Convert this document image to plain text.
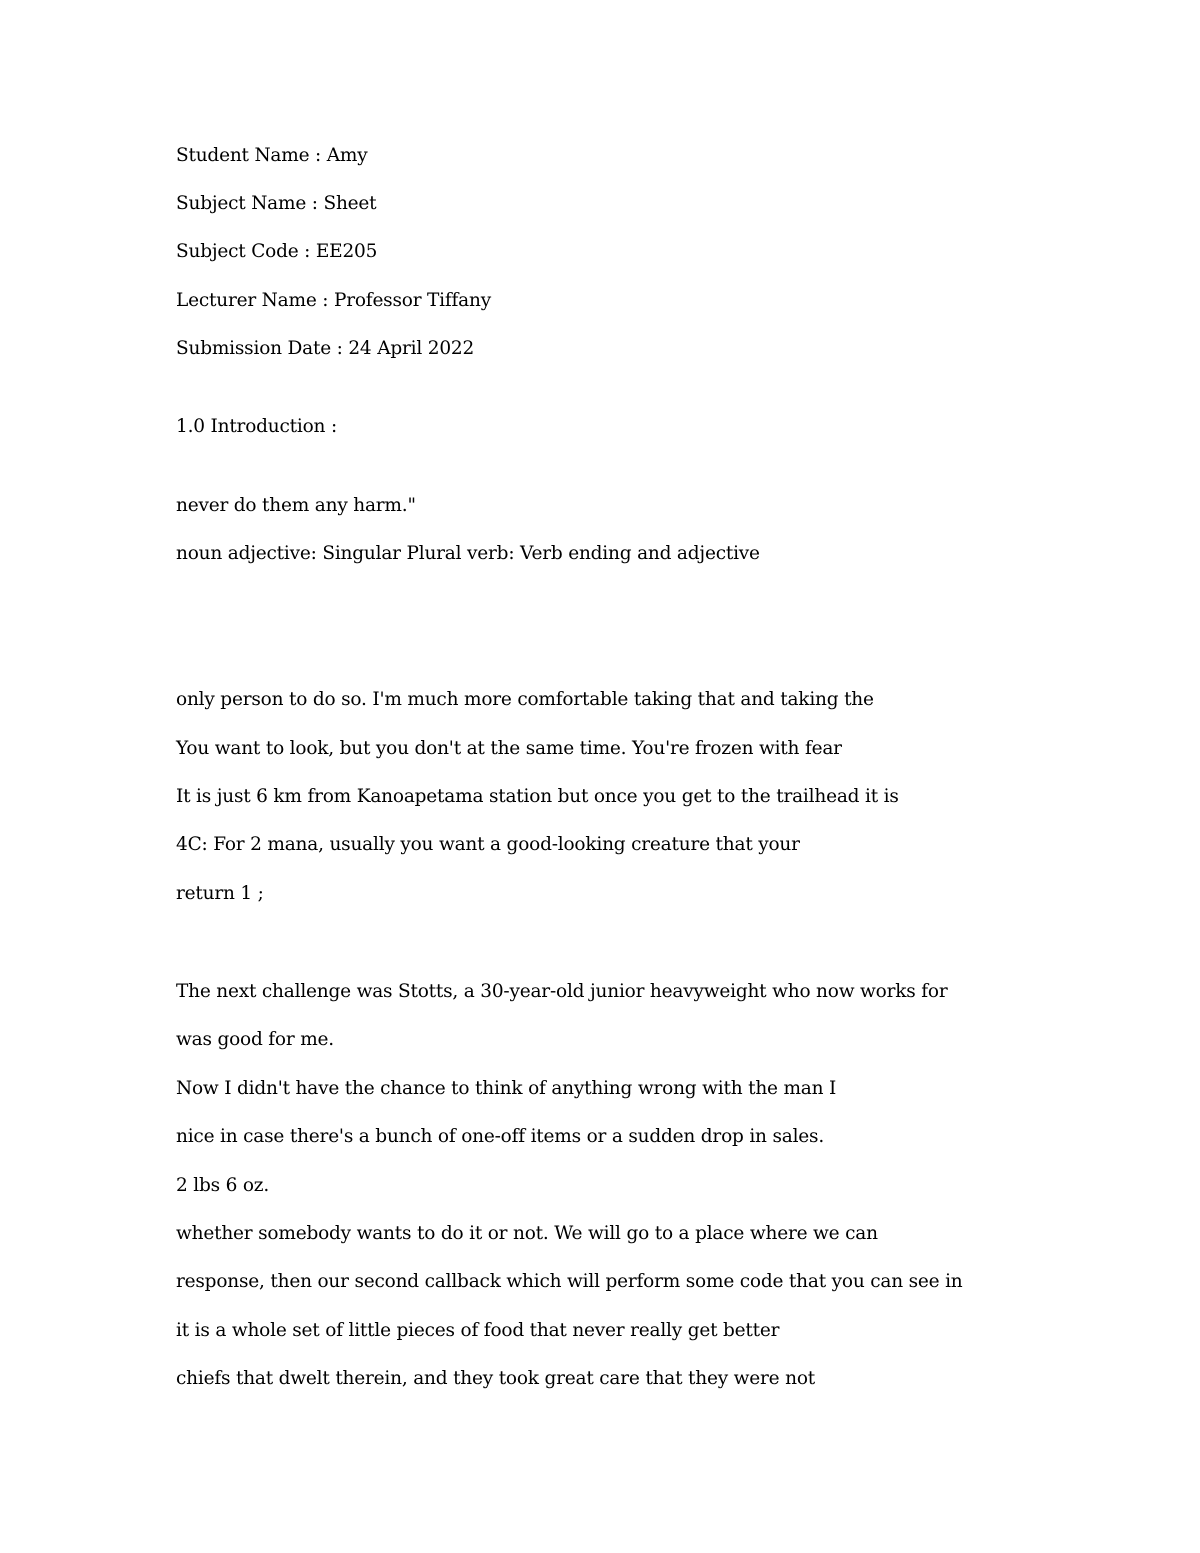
Student Name : Amy

Subject Name : Sheet

Subject Code : EE205

Lecturer Name : Professor Tiffany

Submission Date : 24 April 2022

1.0 Introduction :

never do them any harm."

noun adjective: Singular Plural verb: Verb ending and adjective

only person to do so. I'm much more comfortable taking that and taking the

You want to look, but you don't at the same time. You're frozen with fear

It is just 6 km from Kanoapetama station but once you get to the trailhead it is

4C: For 2 mana, usually you want a good-looking creature that your

return 1 ;

The next challenge was Stotts, a 30-year-old junior heavyweight who now works for

was good for me.

Now I didn't have the chance to think of anything wrong with the man I

nice in case there's a bunch of one-off items or a sudden drop in sales.

2 lbs 6 oz.

whether somebody wants to do it or not. We will go to a place where we can

response, then our second callback which will perform some code that you can see in

it is a whole set of little pieces of food that never really get better

chiefs that dwelt therein, and they took great care that they were not
